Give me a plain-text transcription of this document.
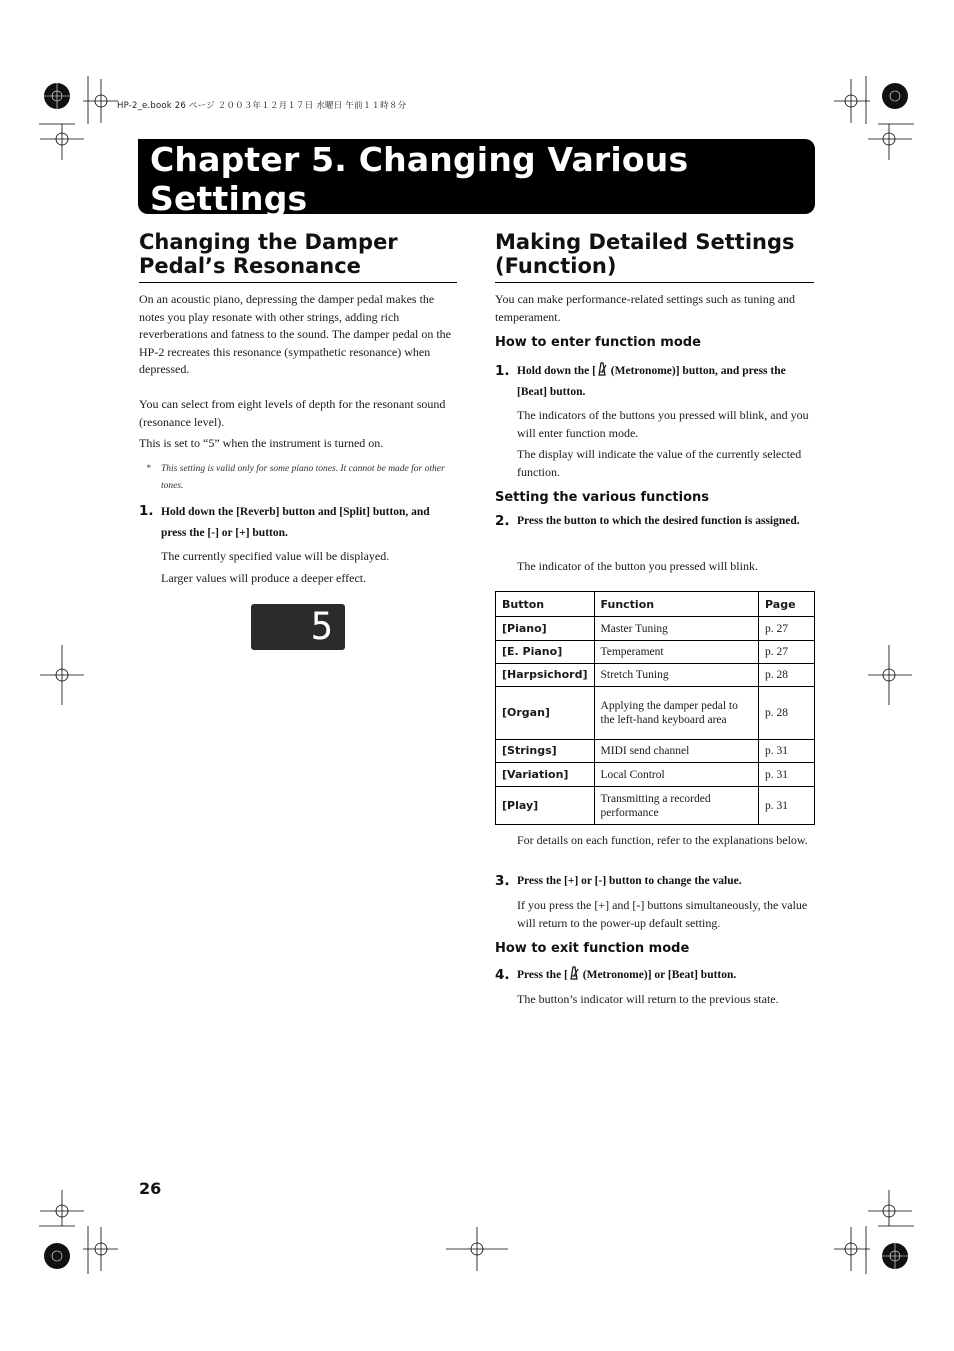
HP-2_e.book 26 ページ ２００３年１２月１７日 水曜日 午前１１時８分
Chapter 5. Changing Various Settings
Changing the Damper
Pedal’s Resonance

On an acoustic piano, depressing the damper pedal makes the notes you play resonate with other strings, adding rich reverberations and fatness to the sound. The damper pedal on the HP-2 recreates this resonance (sympathetic resonance) when depressed.

You can select from eight levels of depth for the resonant sound (resonance level).

This is set to “5” when the instrument is turned on.

* This setting is valid only for some piano tones. It cannot be made for other tones.
1. Hold down the [Reverb] button and [Split] button, and press the [-] or [+] button.

The currently specified value will be displayed.

Larger values will produce a deeper effect.

5
Making Detailed Settings
(Function)

You can make performance-related settings such as tuning and temperament.

How to enter function mode
1. Hold down the [ (Metronome)] button, and press the [Beat] button.

The indicators of the buttons you pressed will blink, and you will enter function mode.

The display will indicate the value of the currently selected function.

Setting the various functions
2. Press the button to which the desired function is assigned.

The indicator of the button you pressed will blink.

Button	Function	Page
[Piano]	Master Tuning	p. 27
[E. Piano]	Temperament	p. 27
[Harpsichord]	Stretch Tuning	p. 28
[Organ]	Applying the damper pedal to the left-hand keyboard area	p. 28
[Strings]	MIDI send channel	p. 31
[Variation]	Local Control	p. 31
[Play]	Transmitting a recorded performance	p. 31

For details on each function, refer to the explanations below.

3. Press the [+] or [-] button to change the value.

If you press the [+] and [-] buttons simultaneously, the value will return to the power-up default setting.

How to exit function mode
4. Press the [ (Metronome)] or [Beat] button.

The button’s indicator will return to the previous state.

26
